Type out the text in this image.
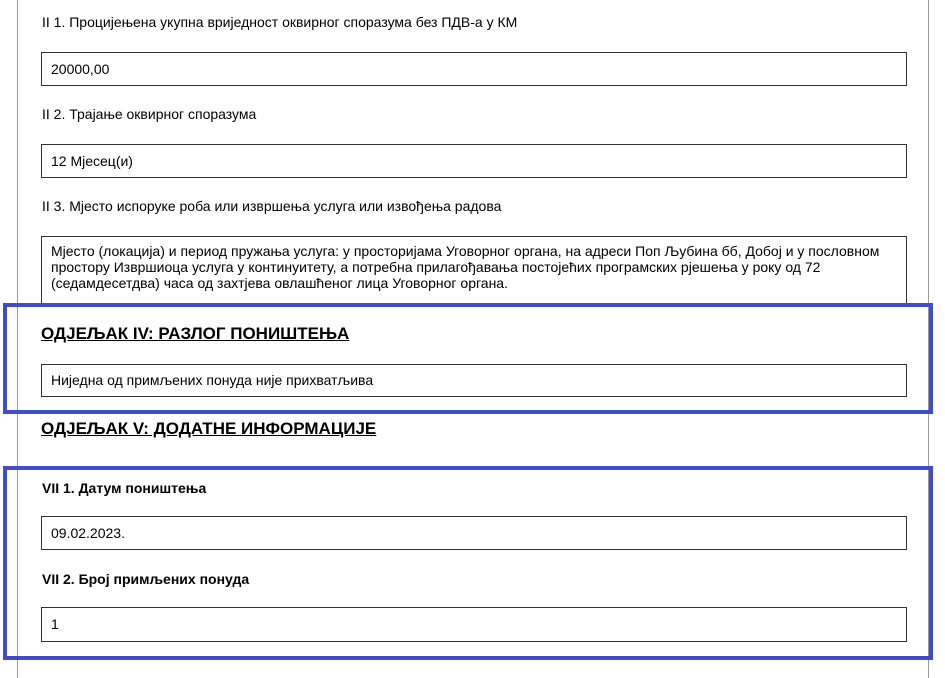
II 1. Процијењена укупна вриједност оквирног споразума без ПДВ-а у КМ
20000,00
II 2. Трајање оквирног споразума
12 Мјесец(и)
II 3. Мјесто испоруке роба или извршења услуга или извођења радова
Мјесто (локација) и период пружања услуга: у просторијама Уговорног органа, на адреси Поп Љубина бб, Добој и у пословном простору Извршиоца услуга у континуитету, а потребна прилагођавања постојећих програмских рјешења у року од 72 (седамдесетдва) часа од захтјева овлашћеног лица Уговорног органа.
ОДЈЕЉАК IV: РАЗЛОГ ПОНИШТЕЊА
Ниједна од примљених понуда није прихватљива
ОДЈЕЉАК V: ДОДАТНЕ ИНФОРМАЦИЈЕ
VII 1. Датум поништења
09.02.2023.
VII 2. Број примљених понуда
1
